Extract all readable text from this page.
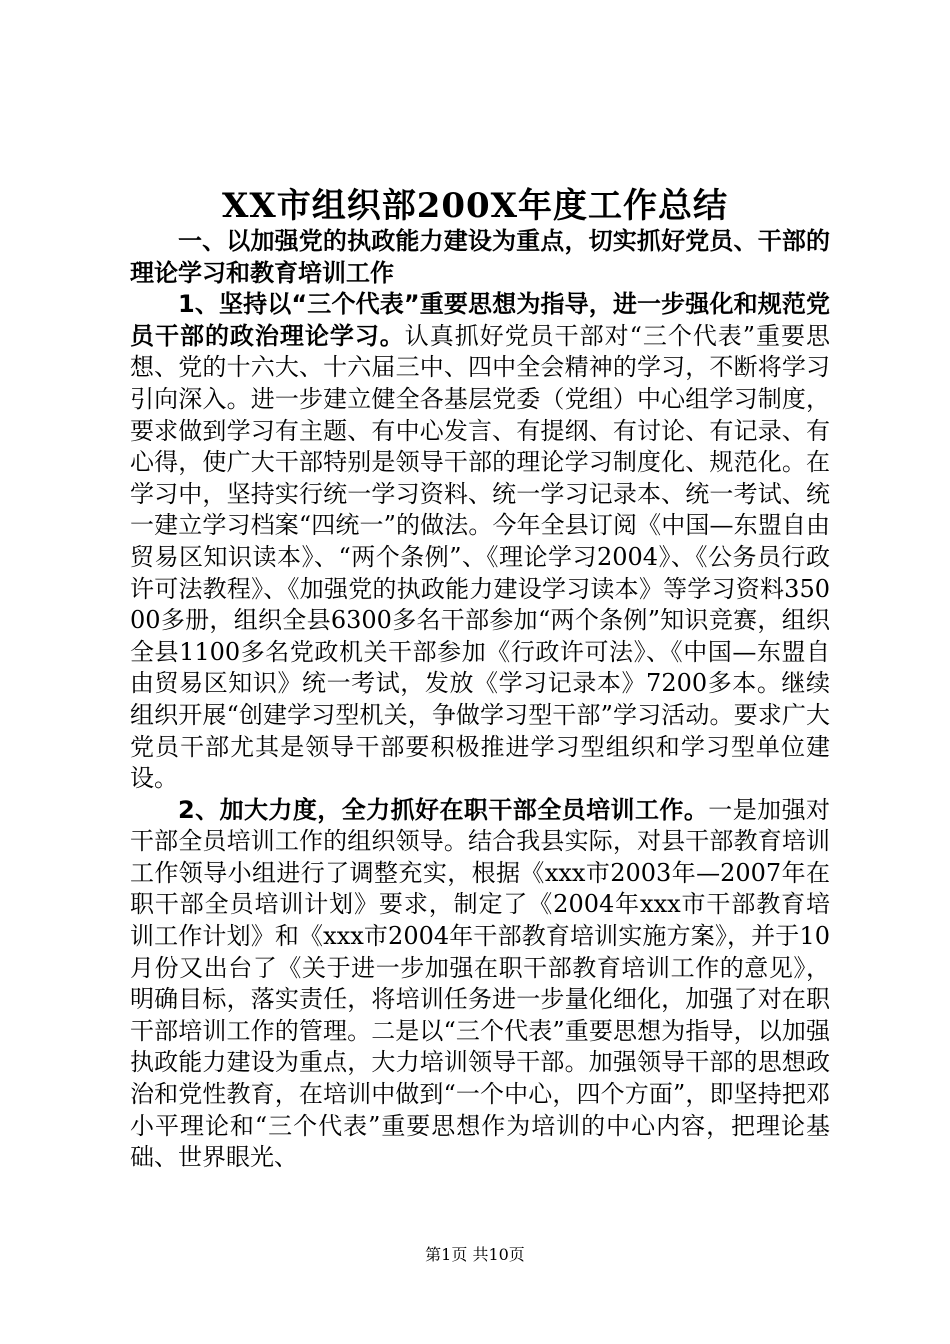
XX市组织部200X年度工作总结

一、以加强党的执政能力建设为重点，切实抓好党员、干部的理论学习和教育培训工作

1、坚持以“三个代表”重要思想为指导，进一步强化和规范党员干部的政治理论学习。认真抓好党员干部对“三个代表”重要思想、党的十六大、十六届三中、四中全会精神的学习，不断将学习引向深入。进一步建立健全各基层党委（党组）中心组学习制度，要求做到学习有主题、有中心发言、有提纲、有讨论、有记录、有心得，使广大干部特别是领导干部的理论学习制度化、规范化。在学习中，坚持实行统一学习资料、统一学习记录本、统一考试、统一建立学习档案“四统一”的做法。今年全县订阅《中国—东盟自由贸易区知识读本》、“两个条例”、《理论学习2004》、《公务员行政许可法教程》、《加强党的执政能力建设学习读本》等学习资料35000多册，组织全县6300多名干部参加“两个条例”知识竞赛，组织全县1100多名党政机关干部参加《行政许可法》、《中国—东盟自由贸易区知识》统一考试，发放《学习记录本》7200多本。继续组织开展“创建学习型机关，争做学习型干部”学习活动。要求广大党员干部尤其是领导干部要积极推进学习型组织和学习型单位建设。

2、加大力度，全力抓好在职干部全员培训工作。一是加强对干部全员培训工作的组织领导。结合我县实际，对县干部教育培训工作领导小组进行了调整充实，根据《xxx市2003年—2007年在职干部全员培训计划》要求，制定了《2004年xxx市干部教育培训工作计划》和《xxx市2004年干部教育培训实施方案》，并于10月份又出台了《关于进一步加强在职干部教育培训工作的意见》，明确目标，落实责任，将培训任务进一步量化细化，加强了对在职干部培训工作的管理。二是以“三个代表”重要思想为指导，以加强执政能力建设为重点，大力培训领导干部。加强领导干部的思想政治和党性教育，在培训中做到“一个中心，四个方面”，即坚持把邓小平理论和“三个代表”重要思想作为培训的中心内容，把理论基础、世界眼光、

第1页 共10页
